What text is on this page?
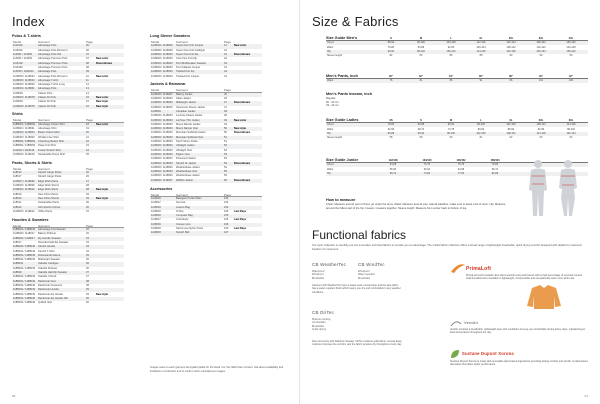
Index
Polos & T-shirts
Model	Garment	Page
1116101	Advantage Polo	06
1118101	Advantage Polo Women's	06
114051 / 114052	Advantage Polo Tall	07
114051 / 114052	Advantage Premium Polo	07	New color
1116102	Advantage Premium Polo	08	Discontinued
1116162	Advantage Premium Polo	08
114050 / 1184022	Advantage Polo	09
1118003 / 1118064	Advantage Polo Women's	10	New color
1118003 / 1118004	Advantage T-shirt	11
1118003 / 1118003	Advantage T-shirt Long	12
1118004 / 1118001	Advantage Polo	13
1118003	Classic Polo	14
1118003 / 1118078	Classic Fit Polo	15	New color
1118003	Classic Fit Polo	15	New style
1118003 / 1118078	Classic Fit Polo	16	New style
Shirts
Model	Garment	Page
1188063 / 1188069	Advantage Cotton Shirt	18	New color
1118021 / 1118021	Advantage Shirt	19
1118003 / 1118004	Better Oxford Shirt	20
1118003 / 1118003	Wrinkle Free Shirt	21
1188069 / 1188069	Chambray Button Shirt	22
1188069 / 1188069	Pique Knit Shirt	23
1118112 / 1118119	Kinetic Stretch Shirt	24
1118003 / 1118103	Sustainable Dress Shirt	25
Pants, Shorts & Skirts
Model	Garment	Page
118613	Stretch Cargo Pants	26
118617	Stretch Cargo Pants	26
1118017 / 1118662	Edge Work Pants	27
1118003 / 1118606	Edge Work Shorts	28
1118003 / 1118642	Edge Work Skirts	28	New style
118610	New Chino Pants	29
118614	New Chino Shorts	29	New style
118611	Sustainable Pants	30
118612	Soft Stretch Chinos	30
1118003 / 1118612	Office Pants	31
Hoodies & Sweaters
Model	Garment	Page
1188049 / 1188049	Advantage Knit Sweater	32
1118003 / 1118017	Bakery Pullover	32
1188049 / 1118017	Zip Hoodie Sweater	33
118617	Rounded Half Zip Sweater	33
1188049 / 1188049	Stretch Hoodie	34
1188049 / 1188049	Stretch T-Shirt	34
1188049 / 1188049	Ruhestands Fleece	35
1188049 / 1188049	Midweight Sweater	35
1188049	Oakville Cardigan	36
1188049 / 1188049	Oakville Pullover	36
118649	Oakville Half Zip Sweater	37
1188049 / 1188049	Oakville V-Neck	37
1188049 / 1188049	Rainbrook Vest	38
1188049 / 1188049	Rainbrook Crewneck	38
1188049 / 1188049	Rainbrook Hoodie	39
1188049 / 1188049	Rainbrook Zip Hoodie	39	New style
1188049 / 1188049	Rainbrook Zip Hoodie Tall	40
1188049 / 1188049	Quilted Vest	40
Long Sleeve Sweaters
Model	Garment	Page
1118003 / 1118003	Super Fine Knit Jumper	41	New color
1118009 / 1118009	Super Fine Knit Cardigan	41
1118003 / 1118003	Super Fine Knit Zip	42	Discontinued
1118003 / 1118003	Core Fine Knit Zip	42
1118003 / 1118003	Knit Windbreaker Sweater	43
1118003 / 1118003	Knit Collared Jumper	43
1118003 / 1118003	Twisted Knit Zip	44
1118003 / 1118003	Twisted Knit Jumper	44
Jackets & Rainwear
Model	Garment	Page
1118003 / 1118007	Bakery Jacket	46
1118003 / 1118003	Sales Jacket	46
1118003 / 1118003	Midweight Jacket	47	Discontinued
1118003 / 1118003	Vancouver Fleece Jacket	47
1118003	Canadian Jacket	48
1118003 / 1118003	La Pose Fleece Jacket	48
1118003 / 1118003	La Pose Thin Jacket	49	New color
1118003 / 1118003	Mount Rainier Jacket	49
1118003 / 1118003	Mount Rainier Vest	50	New style
1118003 / 1118003	Mountain Softshell Jacket	50	Discontinued
1118003 / 1118003	Mountain Softshell Vest	51
1118003 / 1118003	North Shore Parka	51
1118003 / 1118003	Ultralight Jacket	52
1118003 / 1118003	Ultralight Vest	52
1118003 / 1118003	Pilgrim Vest	53
1118003 / 1118007	Pinewood Jacket	53
1118003 / 1118003	Stretch 3L Jacket	54	Discontinued
1118003 / 1118003	Weatherbase Jacket	54
1118003 / 1118003	Weatherbase Vest	55
1118003 / 1118003	Weatherbase Jacket	55
1118003 / 1118007	Wildfire Jacket	56	Discontinued
Accessories
Model	Garment	Page
1118003	Baseguin Pocket Rain	104
1118017	Sun Hat	104
1118003	Leisure Bag	104
1118003	Trolley	105	Last Days
1118003	Computer Bag	105
1118617	Crossbody	105	Last Days
1118003	Uneven Line	106
1118003	Sierra Line Nylon Polos	106	Last Days
1118003	Stretch Belt	107
Images used on each garment item/gallery/table for the listed. For the OEM Care Content. Ask about availability and limitations of color/size and to confirm other manufacturer images.
06
Size & Fabrics
Size Guide Men's	S	M	L	XL	2XL	3XL	4XL
Chest	88-92	96-100	104-108	112-116	120-124	128-132	136-140
Waist	76-80	84-88	92-96	100-104	108-112	116-120	124-128
Hip	90-94	98-102	106-110	114-118	122-126	130-134	138-142
Sleeve length	82	84	86	88	90	92	93
Men's Pants, inch	30"	32"	34"	36"	38"	40"	42"
Waist	76	81	86	91	96	101	106
Size Guide Ladies	XS	S	M	L	XL	2XL	3XL
Chest	78-82	84-88	90-94	96-100	102-106	108-112	114-118
Waist	62-66	68-72	74-78	80-84	86-90	92-96	98-102
Hip	84-88	90-94	96-100	102-106	108-112	114-118	120-124
Sleeve length	58	59	60	61	62	63	64
Size Guide Junior	122/128	134/140	146/152	158/164
Chest	64-68	70-74	76-79	79-84
Waist	56-60	60-64	64-68	68-72
Hip	68-72	74-80	77-80	82-86
Men's Pants Inseam, inch
Regular
30 - 32 cm
33 - 34 cm
How to measure
Chest: Measure around part of chest, go under the arms. Waist: Measure around your natural waistline, make sure to leave a bit of room. Hip: Measure around the fullest part of the hip. Inseam: measure together. Sleeve length: Measure from center back to bottom of leg.
Functional fabrics
Our sport collection is carefully put into innovative technical fabrics to provide you an advantage. The unified fabric collection offers a broad range of lightweight breathable, quick drying comfort designed with details for maximum freedom of movement.
CB WeatherTec
Waterproof
Windproof
Breathable
Garment with WeatherTec have a taped seam construction and the face fabric has a water repellent finish which keeps you dry and comfortable in any weather conditions.
CB WindTec
Windproof
Water repellent
Breathable
CB DriTec
Moisture wicking
Comfortable
Breathable
Quick drying
Also commonly with Rainbow Sweater. DriTec moisture pulls fabric, moving away moisture improves the comfort, and the fabric remains dry throughout a busy day.
PrimaLoft
PrimaLoft Gold Insulation Eco offers warmth and performance with a high percentage of recycled content. Gold Insulation Eco insulation is lightweight, compressible and exceptionally warm even when wet.
VentAir
VentAir provides a breathable, lightweight layer with ventilation to keep you comfortable during active days, maintaining an ideal temperature throughout the day.
Sustane Dupont Sorona
Sustane Dupont Sorona is made with renewable plant-based ingredients providing lasting comfort and stretch. A plant-based alternative that offers better performance.
07
